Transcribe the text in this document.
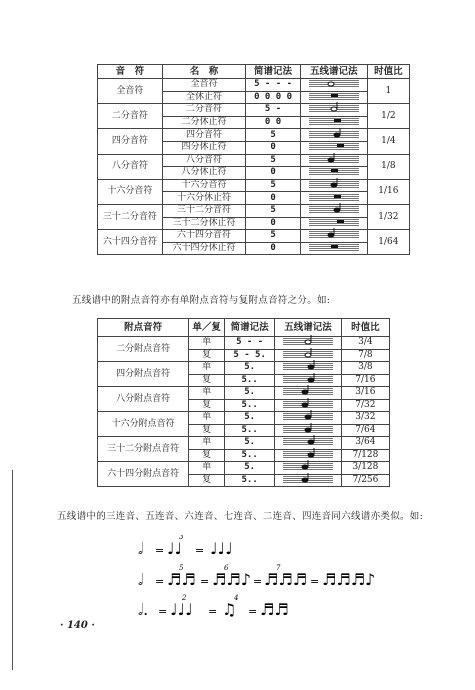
音　符	名　称	简谱记法	五线谱记法	时值比
全音符	全音符	5 - - -		1
	全休止符	0 0 0 0	

二分音符	二分音符	5 -		1/2
	二分休止符	0 0	

四分音符	四分音符	5		1/4
	四分休止符	0	

八分音符	八分音符	5		1/8
	八分休止符	0	

十六分音符	十六分音符	5		1/16
	十六分休止符	0	

三十二分音符	三十二分音符	5		1/32
	三十二分休止符	0	

六十四分音符	六十四分音符	5		1/64
	六十四分休止符	0	
五线谱中的附点音符亦有单附点音符与复附点音符之分。如:
附点音符	单／复	简谱记法	五线谱记法	时值比
二分附点音符	单	5 - -		3/4
	复	5 - 5.		7/8
四分附点音符	单	5.		3/8
	复	5..		7/16
八分附点音符	单	5.		3/16
	复	5..		7/32
十六分附点音符	单	5.		3/32
	复	5..		7/64
三十二分附点音符	单	5.		3/64
	复	5..		7/128
六十四分附点音符	单	5.		3/128
	复	5..		7/256
五线谱中的三连音、五连音、六连音、七连音、二连音、四连音同六线谱亦类似。如:
𝅗𝅥 = ♩♩ = ♩♩♩
3
𝅗𝅥 = ♬♬ = ♬♬♪ = ♬♬♬ = ♬♬♬♪
5	6	7
𝅗𝅥. = ♩♩♩ = ♫ = ♬♬
2	4
· 140 ·
